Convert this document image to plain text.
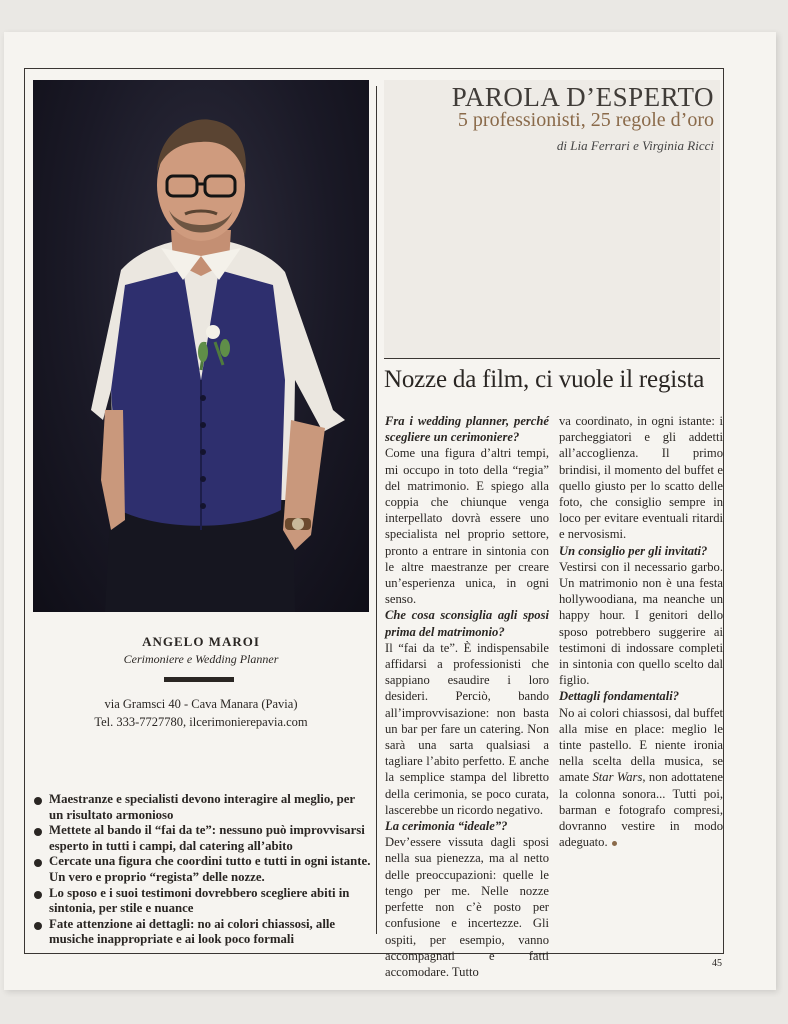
PAROLA D’ESPERTO
5 professionisti, 25 regole d’oro
di Lia Ferrari e Virginia Ricci
Nozze da film, ci vuole il regista

Fra i wedding planner, perché scegliere un cerimoniere?

Come una figura d’altri tempi, mi occupo in toto della “regia” del matrimonio. E spiego alla coppia che chiunque venga interpellato dovrà essere uno specialista nel proprio settore, pronto a entrare in sintonia con le altre maestranze per creare un’esperienza unica, in ogni senso.

Che cosa sconsiglia agli sposi prima del matrimonio?

Il “fai da te”. È indispensabile affidarsi a professionisti che sappiano esaudire i loro desideri. Perciò, bando all’improvvisazione: non basta un bar per fare un catering. Non sarà una sarta qualsiasi a tagliare l’abito perfetto. E anche la semplice stampa del libretto della cerimonia, se poco curata, lascerebbe un ricordo negativo.

La cerimonia “ideale”?

Dev’essere vissuta dagli sposi nella sua pienezza, ma al netto delle preoccupazioni: quelle le tengo per me. Nelle nozze perfette non c’è posto per confusione e incertezze. Gli ospiti, per esempio, vanno accompagnati e fatti accomodare. Tutto

va coordinato, in ogni istante: i parcheggiatori e gli addetti all’accoglienza. Il primo brindisi, il momento del buffet e quello giusto per lo scatto delle foto, che consiglio sempre in loco per evitare eventuali ritardi e nervosismi.

Un consiglio per gli invitati?

Vestirsi con il necessario garbo. Un matrimonio non è una festa hollywoodiana, ma neanche un happy hour. I genitori dello sposo potrebbero suggerire ai testimoni di indossare completi in sintonia con quello scelto dal figlio.

Dettagli fondamentali?

No ai colori chiassosi, dal buffet alla mise en place: meglio le tinte pastello. E niente ironia nella scelta della musica, se amate Star Wars, non adottatene la colonna sonora... Tutti poi, barman e fotografo compresi, dovranno vestire in modo adeguato.

ANGELO MAROI
Cerimoniere e Wedding Planner
via Gramsci 40 - Cava Manara (Pavia)
Tel. 333-7727780, ilcerimonierepavia.com
Maestranze e specialisti devono interagire al meglio, per un risultato armonioso
Mettete al bando il “fai da te”: nessuno può improvvisarsi esperto in tutti i campi, dal catering all’abito
Cercate una figura che coordini tutto e tutti in ogni istante. Un vero e proprio “regista” delle nozze.
Lo sposo e i suoi testimoni dovrebbero scegliere abiti in sintonia, per stile e nuance
Fate attenzione ai dettagli: no ai colori chiassosi, alle musiche inappropriate e ai look poco formali
45
